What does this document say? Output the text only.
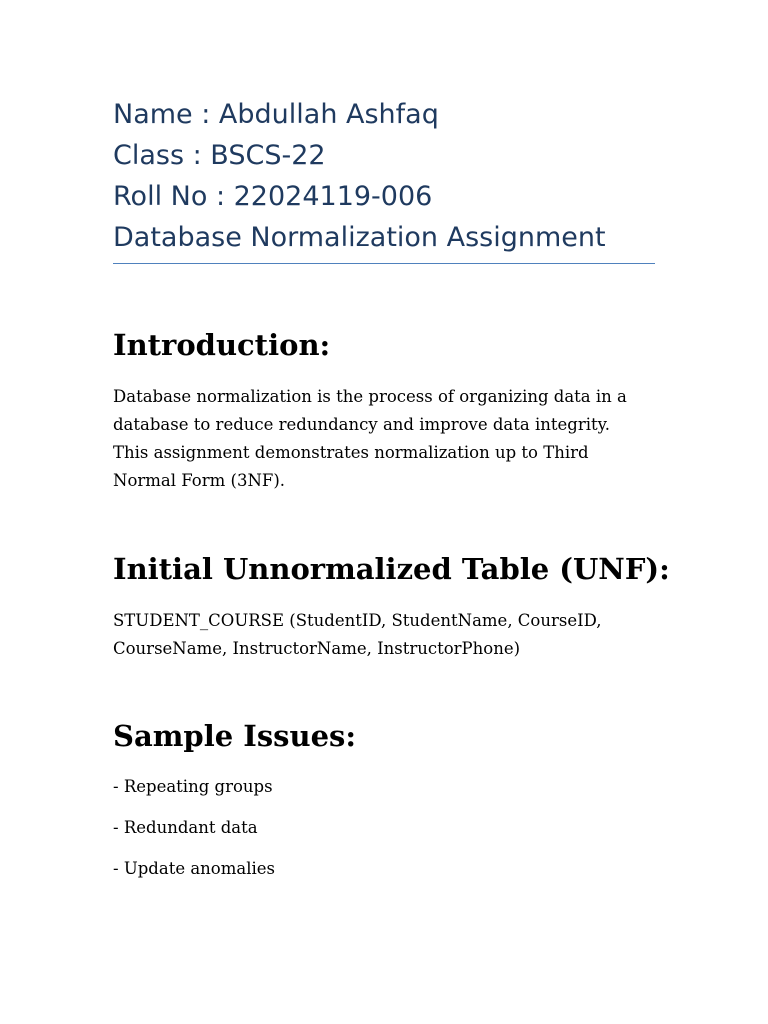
Name : Abdullah Ashfaq
Class : BSCS-22
Roll No : 22024119-006
Database Normalization Assignment
Introduction:

Database normalization is the process of organizing data in a
database to reduce redundancy and improve data integrity.
This assignment demonstrates normalization up to Third
Normal Form (3NF).

Initial Unnormalized Table (UNF):

STUDENT_COURSE (StudentID, StudentName, CourseID,
CourseName, InstructorName, InstructorPhone)

Sample Issues:

- Repeating groups

- Redundant data

- Update anomalies
